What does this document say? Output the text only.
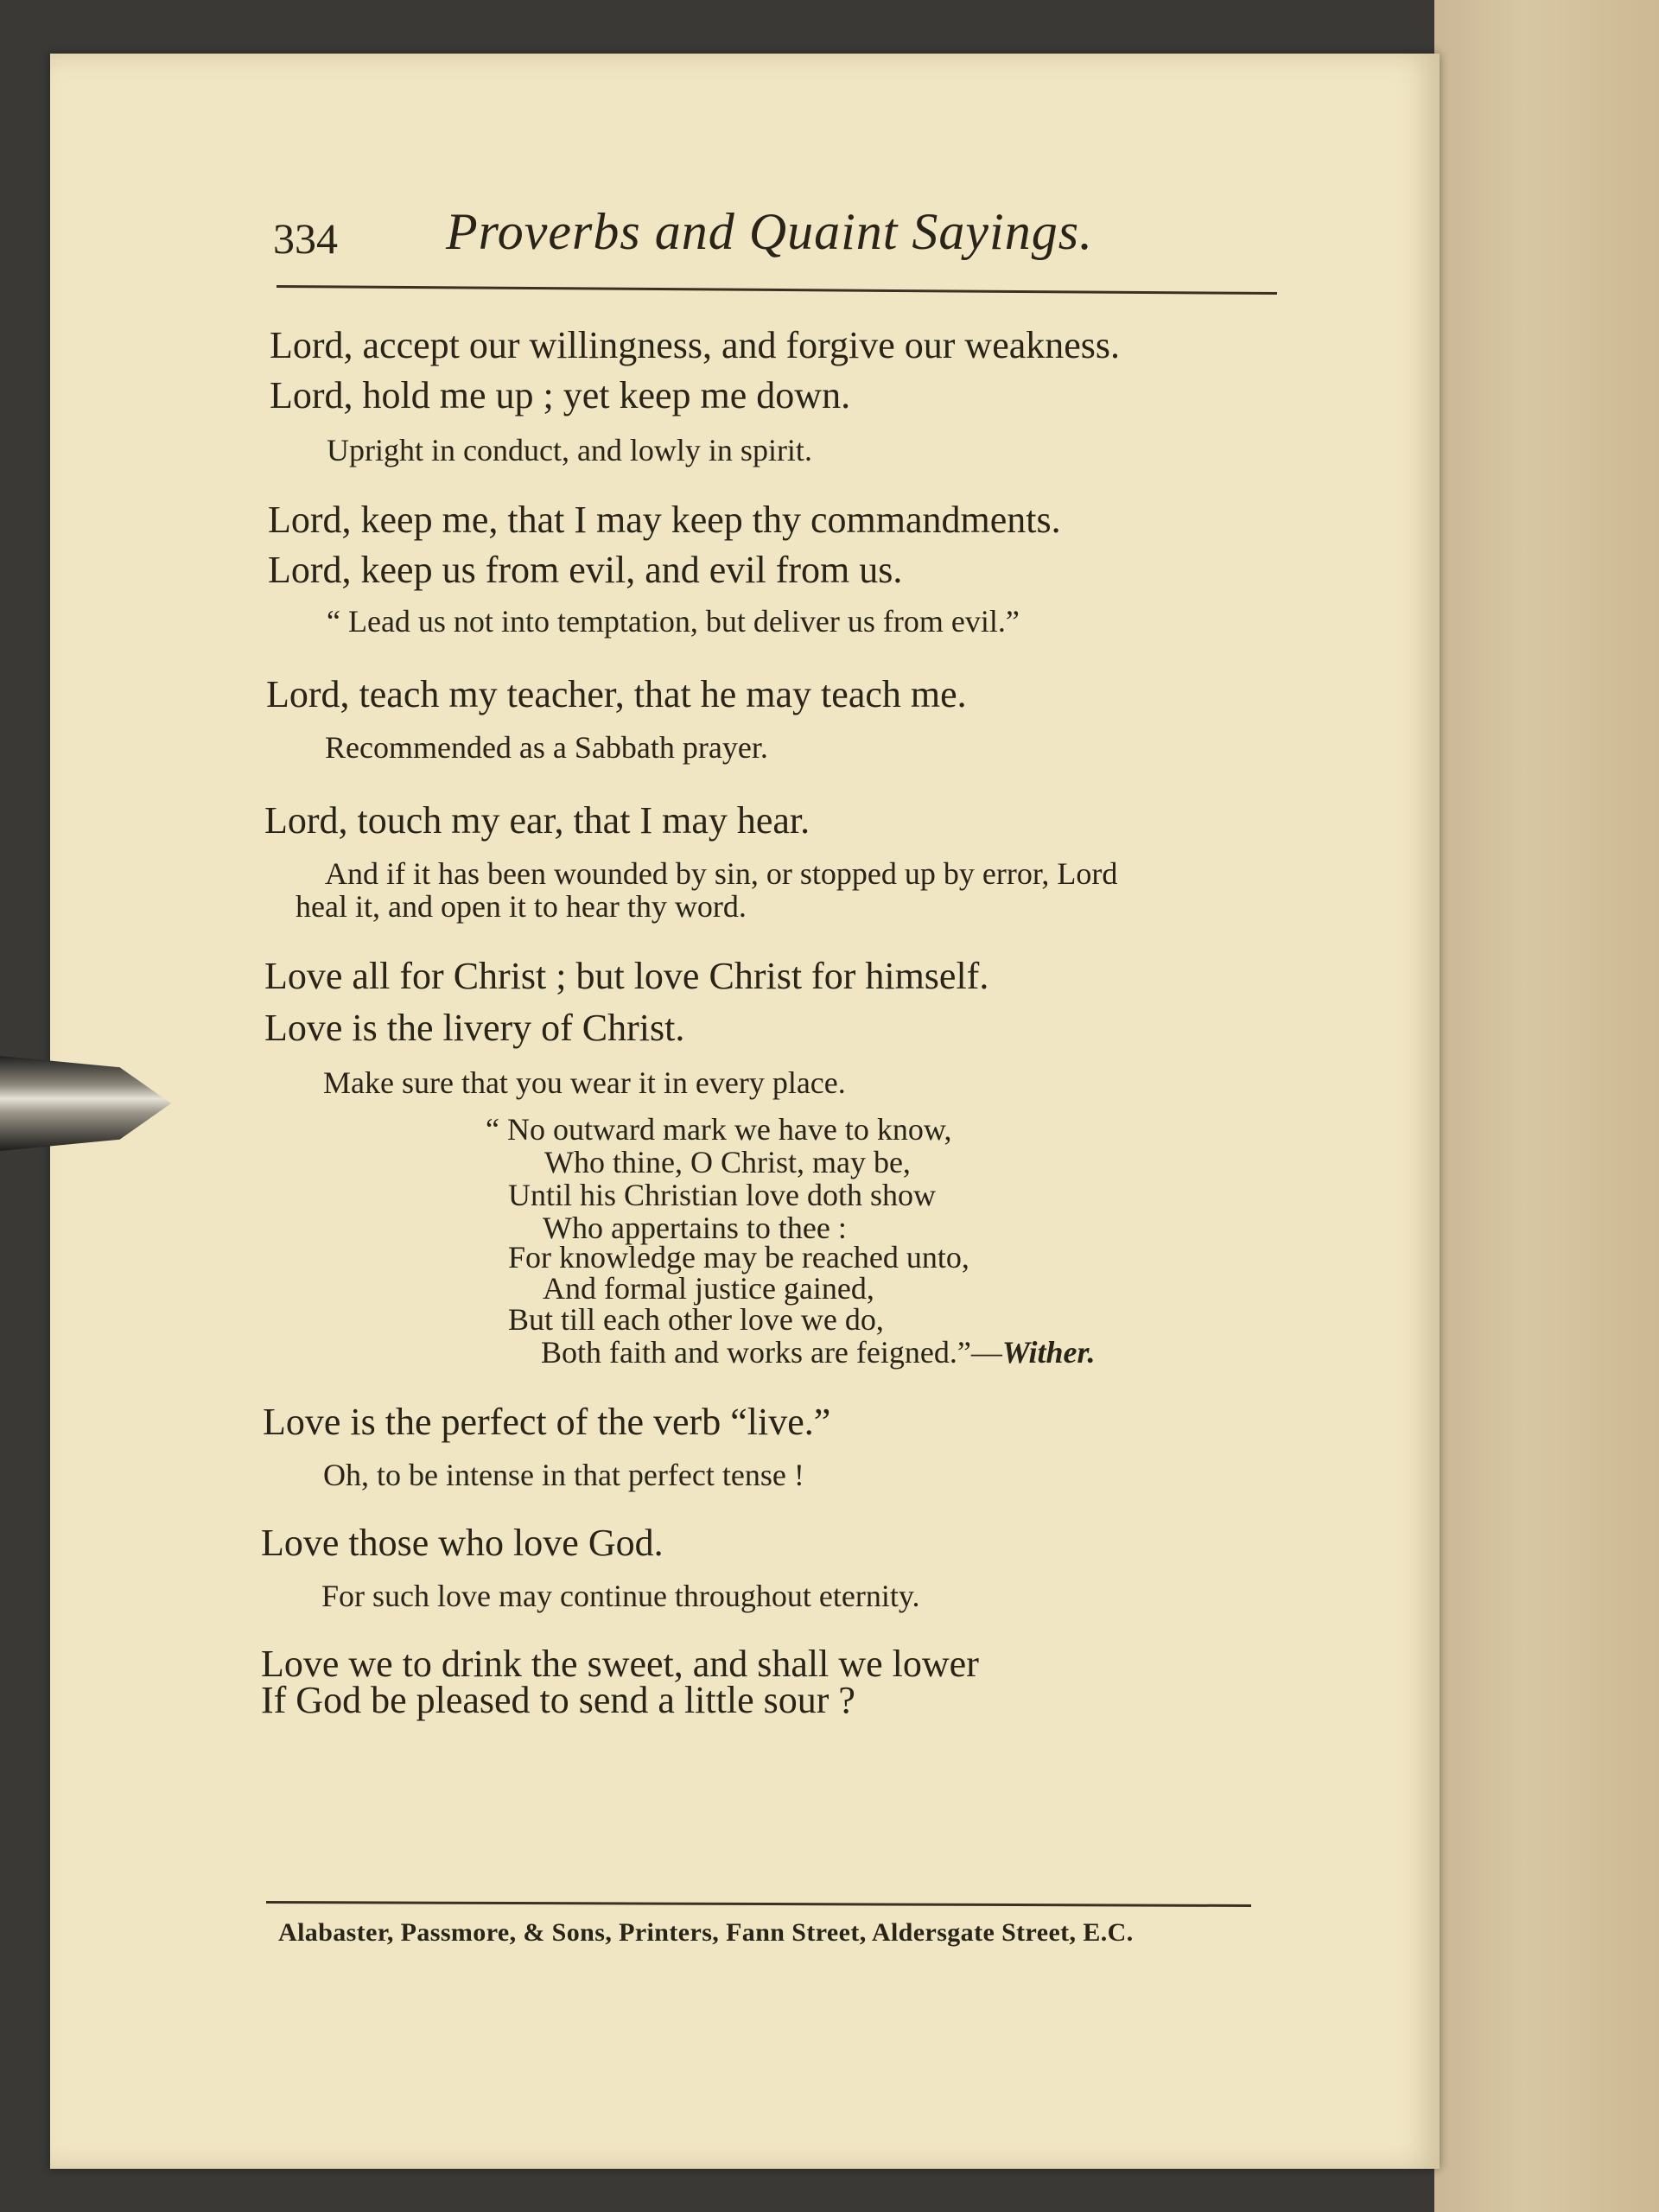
334 Proverbs and Quaint Sayings.
Lord, accept our willingness, and forgive our weakness.
Lord, hold me up ; yet keep me down.
Upright in conduct, and lowly in spirit.
Lord, keep me, that I may keep thy commandments.
Lord, keep us from evil, and evil from us.
“ Lead us not into temptation, but deliver us from evil.”
Lord, teach my teacher, that he may teach me.
Recommended as a Sabbath prayer.
Lord, touch my ear, that I may hear.
And if it has been wounded by sin, or stopped up by error, Lord
heal it, and open it to hear thy word.
Love all for Christ ; but love Christ for himself.
Love is the livery of Christ.
Make sure that you wear it in every place.
“ No outward mark we have to know,
Who thine, O Christ, may be,
Until his Christian love doth show
Who appertains to thee :
For knowledge may be reached unto,
And formal justice gained,
But till each other love we do,
Both faith and works are feigned.”—Wither.
Love is the perfect of the verb “live.”
Oh, to be intense in that perfect tense !
Love those who love God.
For such love may continue throughout eternity.
Love we to drink the sweet, and shall we lower
If God be pleased to send a little sour ?
Alabaster, Passmore, & Sons, Printers, Fann Street, Aldersgate Street, E.C.
